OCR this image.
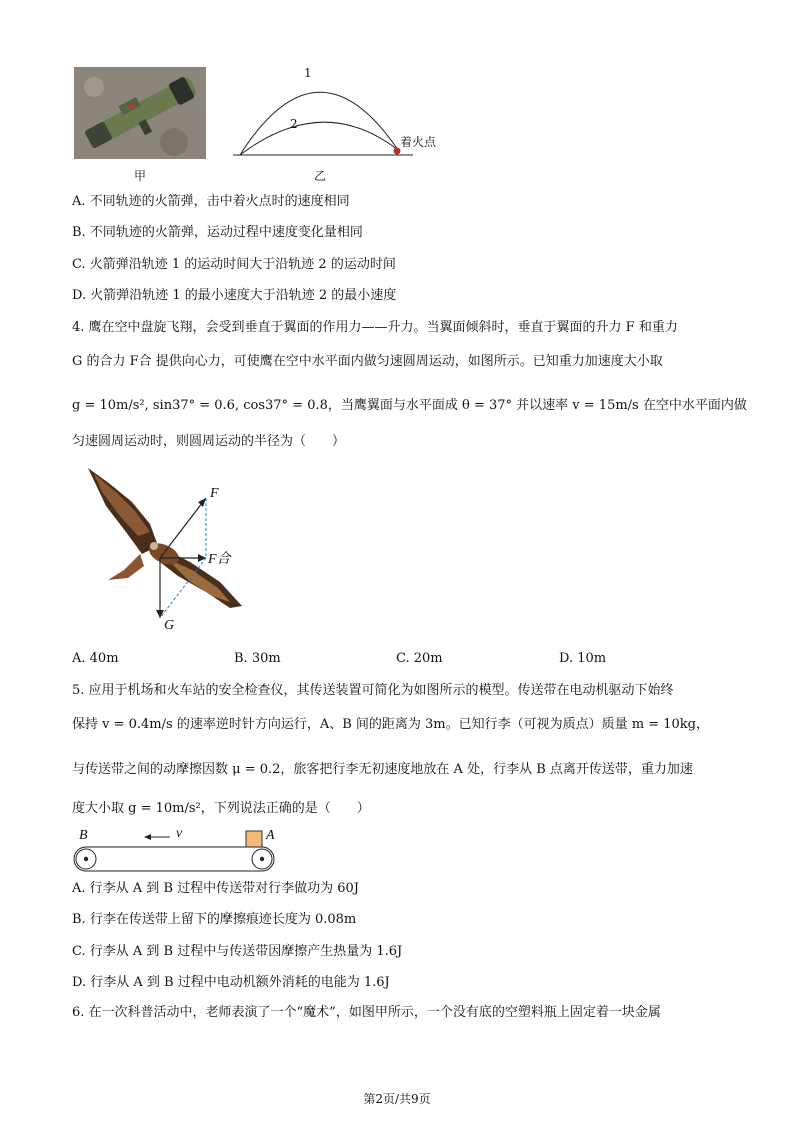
甲
1
2
着火点
乙
A. 不同轨迹的火箭弹，击中着火点时的速度相同
B. 不同轨迹的火箭弹，运动过程中速度变化量相同
C. 火箭弹沿轨迹 1 的运动时间大于沿轨迹 2 的运动时间
D. 火箭弹沿轨迹 1 的最小速度大于沿轨迹 2 的最小速度
4. 鹰在空中盘旋飞翔，会受到垂直于翼面的作用力——升力。当翼面倾斜时，垂直于翼面的升力 F 和重力
G 的合力 F合 提供向心力，可使鹰在空中水平面内做匀速圆周运动，如图所示。已知重力加速度大小取
g = 10m/s², sin37° = 0.6, cos37° = 0.8，当鹰翼面与水平面成 θ = 37° 并以速率 v = 15m/s 在空中水平面内做
匀速圆周运动时，则圆周运动的半径为（　　）
F
F合
G
A. 40m	B. 30m	C. 20m	D. 10m
5. 应用于机场和火车站的安全检查仪，其传送装置可简化为如图所示的模型。传送带在电动机驱动下始终
保持 v = 0.4m/s 的速率逆时针方向运行，A、B 间的距离为 3m。已知行李（可视为质点）质量 m = 10kg，
与传送带之间的动摩擦因数 μ = 0.2，旅客把行李无初速度地放在 A 处，行李从 B 点离开传送带，重力加速
度大小取 g = 10m/s²，下列说法正确的是（　　）
B	A
v
A. 行李从 A 到 B 过程中传送带对行李做功为 60J
B. 行李在传送带上留下的摩擦痕迹长度为 0.08m
C. 行李从 A 到 B 过程中与传送带因摩擦产生热量为 1.6J
D. 行李从 A 到 B 过程中电动机额外消耗的电能为 1.6J
6. 在一次科普活动中，老师表演了一个“魔术”，如图甲所示，一个没有底的空塑料瓶上固定着一块金属
第2页/共9页
